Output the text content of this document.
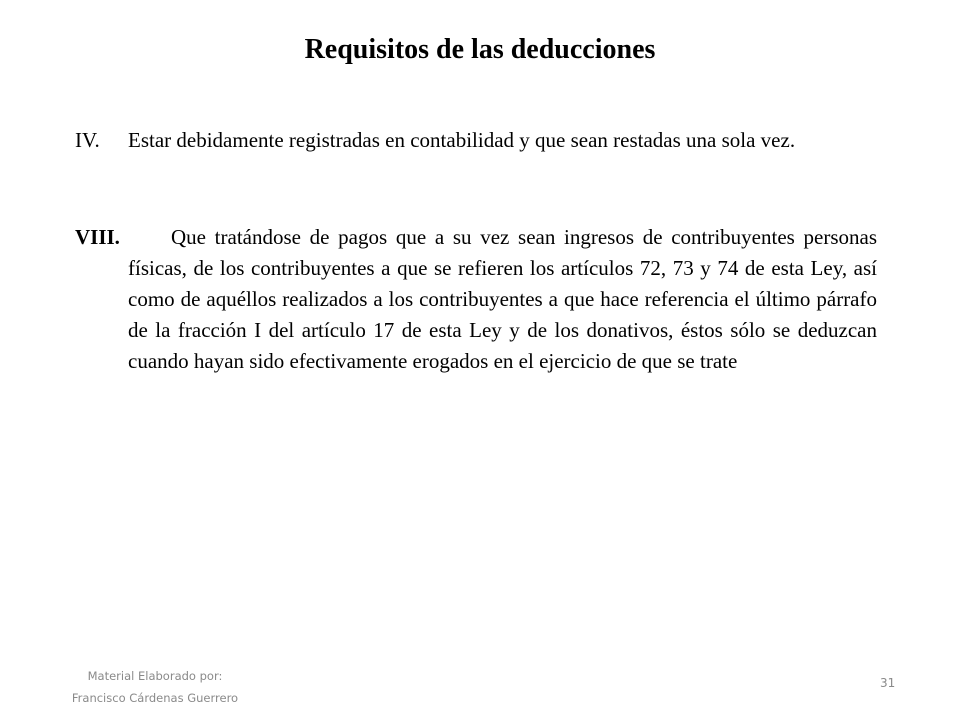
Requisitos de las deducciones
IV.	Estar debidamente registradas en contabilidad y que sean restadas una sola vez.
VIII. Que tratándose de pagos que a su vez sean ingresos de contribuyentes personas físicas, de los contribuyentes a que se refieren los artículos 72, 73 y 74 de esta Ley, así como de aquéllos realizados a los contribuyentes a que hace referencia el último párrafo de la fracción I del artículo 17 de esta Ley y de los donativos, éstos sólo se deduzcan cuando hayan sido efectivamente erogados en el ejercicio de que se trate
Material Elaborado por:
Francisco Cárdenas Guerrero
31
